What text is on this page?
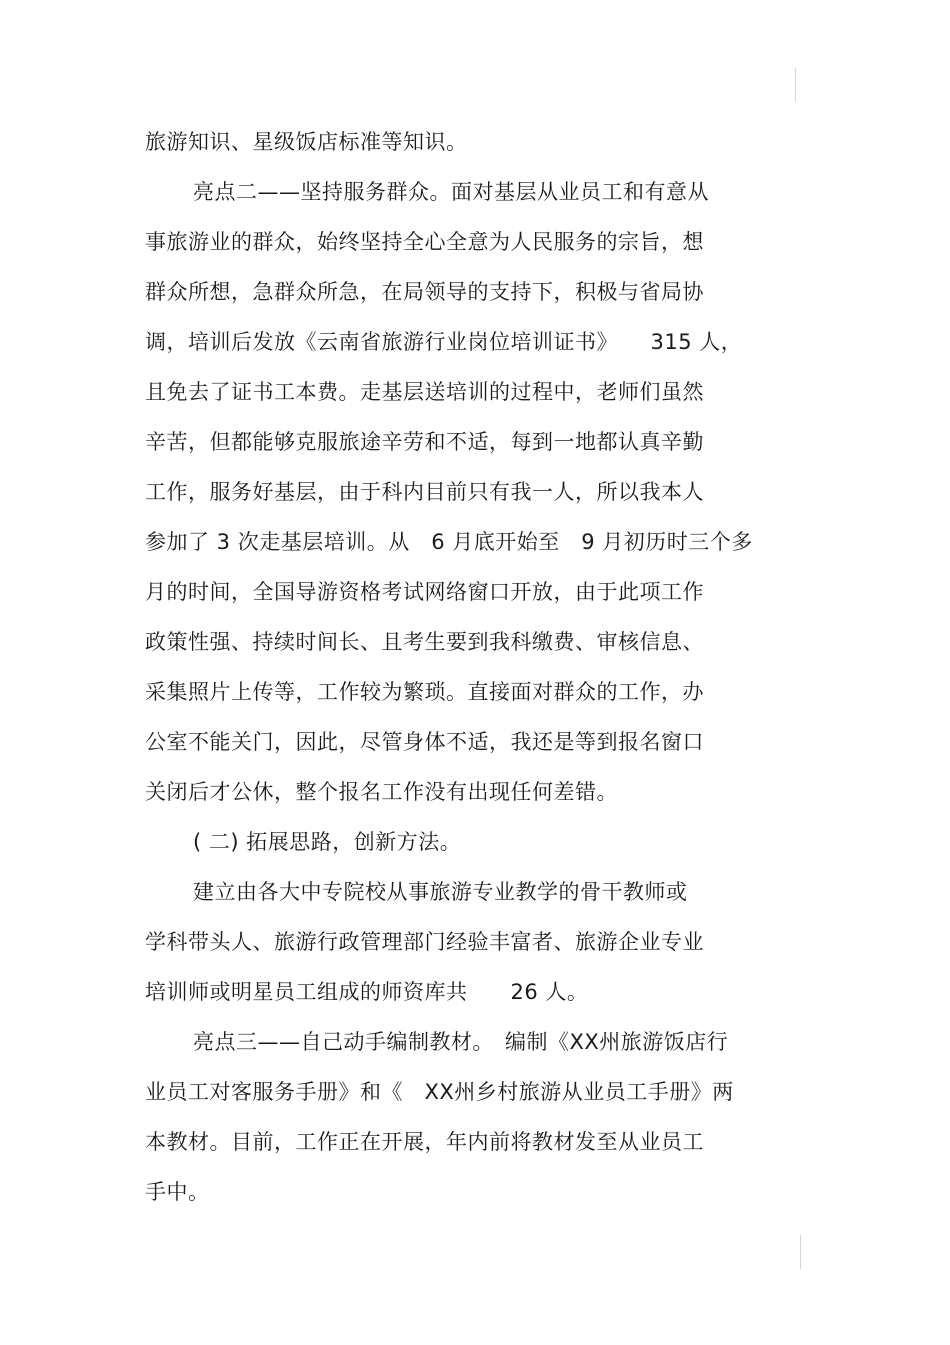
旅游知识、星级饭店标准等知识。
亮点二——坚持服务群众。面对基层从业员工和有意从
事旅游业的群众，始终坚持全心全意为人民服务的宗旨，想
群众所想，急群众所急，在局领导的支持下，积极与省局协
调，培训后发放《云南省旅游行业岗位培训证书》　　315 人，
且免去了证书工本费。走基层送培训的过程中，老师们虽然
辛苦，但都能够克服旅途辛劳和不适，每到一地都认真辛勤
工作，服务好基层，由于科内目前只有我一人，所以我本人
参加了 3 次走基层培训。从　6 月底开始至　9 月初历时三个多
月的时间，全国导游资格考试网络窗口开放，由于此项工作
政策性强、持续时间长、且考生要到我科缴费、审核信息、
采集照片上传等，工作较为繁琐。直接面对群众的工作，办
公室不能关门，因此，尽管身体不适，我还是等到报名窗口
关闭后才公休，整个报名工作没有出现任何差错。
( 二) 拓展思路，创新方法。
建立由各大中专院校从事旅游专业教学的骨干教师或
学科带头人、旅游行政管理部门经验丰富者、旅游企业专业
培训师或明星员工组成的师资库共　　26 人。
亮点三——自己动手编制教材。　编制《XX州旅游饭店行
业员工对客服务手册》和《　XX州乡村旅游从业员工手册》两
本教材。目前，工作正在开展，年内前将教材发至从业员工
手中。
